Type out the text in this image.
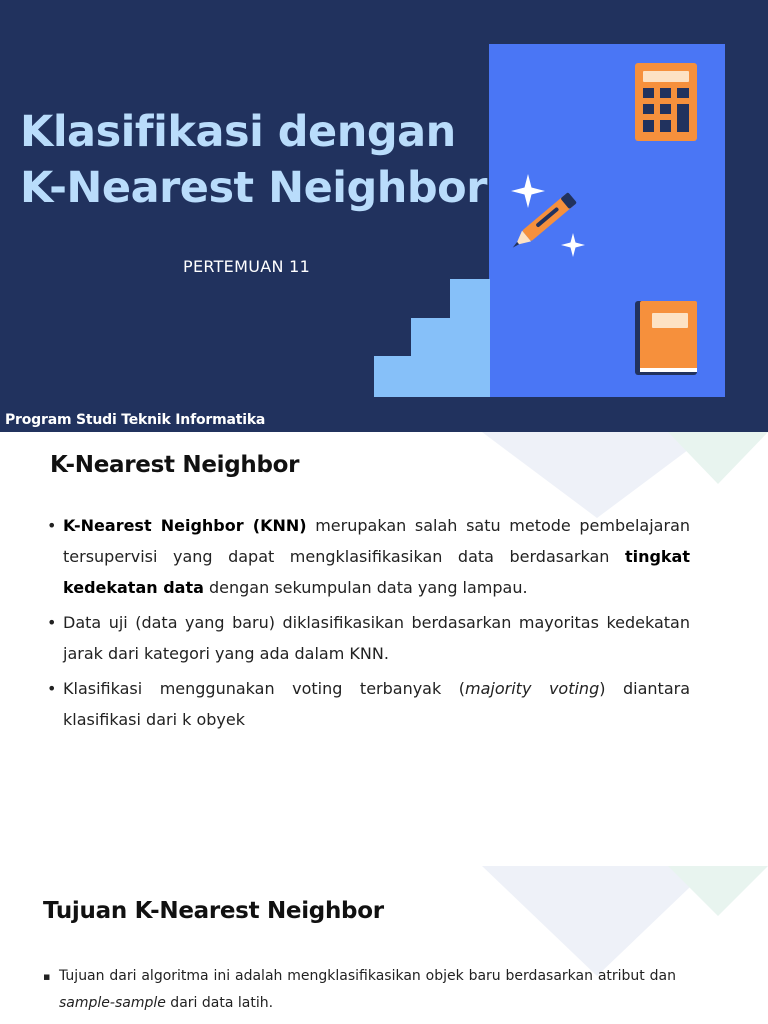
Klasifikasi dengan
K-Nearest Neighbor
PERTEMUAN 11
Program Studi Teknik Informatika
K-Nearest Neighbor
• K-Nearest Neighbor (KNN) merupakan salah satu metode pembelajaran tersupervisi yang dapat mengklasifikasikan data berdasarkan tingkat kedekatan data dengan sekumpulan data yang lampau.
• Data uji (data yang baru) diklasifikasikan berdasarkan mayoritas kedekatan jarak dari kategori yang ada dalam KNN.
• Klasifikasi menggunakan voting terbanyak (majority voting) diantara klasifikasi dari k obyek
Tujuan K-Nearest Neighbor
▪ Tujuan dari algoritma ini adalah mengklasifikasikan objek baru berdasarkan atribut dan sample-sample dari data latih.
